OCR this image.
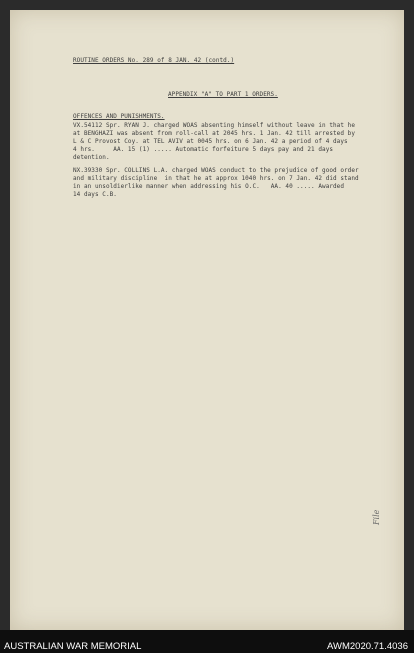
ROUTINE ORDERS No. 289 of 8 JAN. 42 (contd.)
APPENDIX "A" TO PART 1 ORDERS.
OFFENCES AND PUNISHMENTS.
VX.54112 Spr. RYAN J. charged WOAS absenting himself without leave in that he
at BENGHAZI was absent from roll-call at 2045 hrs. 1 Jan. 42 till arrested by
L & C Provost Coy. at TEL AVIV at 0045 hrs. on 6 Jan. 42 a period of 4 days
4 hrs.     AA. 15 (1) ..... Automatic forfeiture 5 days pay and 21 days
detention.
NX.39330 Spr. COLLINS L.A. charged WOAS conduct to the prejudice of good order
and military discipline  in that he at approx 1040 hrs. on 7 Jan. 42 did stand
in an unsoldierlike manner when addressing his O.C.   AA. 40 ..... Awarded
14 days C.B.
File
AUSTRALIAN WAR MEMORIAL	AWM2020.71.4036
